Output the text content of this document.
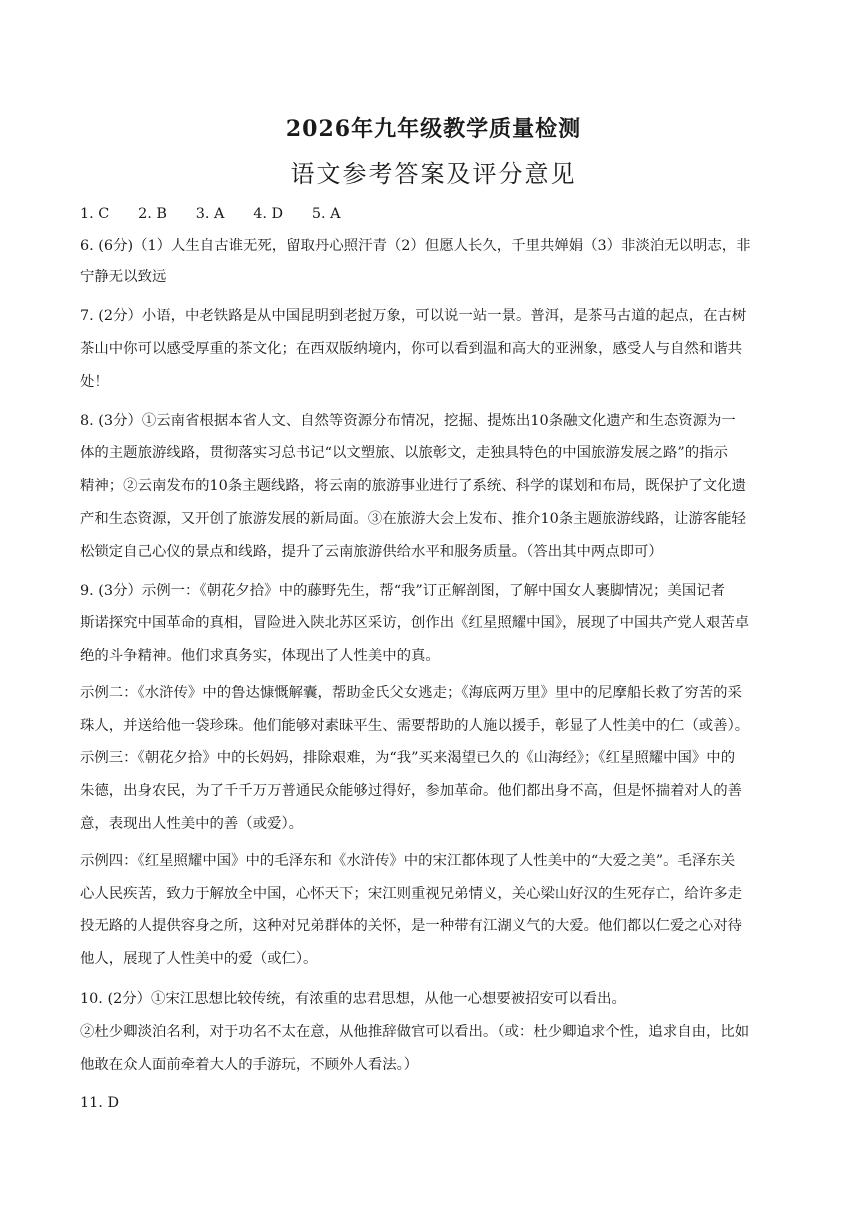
2026年九年级教学质量检测
语文参考答案及评分意见
1. C　　2. B　　3. A　　4. D　　5. A
6. (6分)（1）人生自古谁无死，留取丹心照汗青（2）但愿人长久，千里共婵娟（3）非淡泊无以明志，非
宁静无以致远
7. (2分）小语，中老铁路是从中国昆明到老挝万象，可以说一站一景。普洱，是茶马古道的起点，在古树
茶山中你可以感受厚重的茶文化；在西双版纳境内，你可以看到温和高大的亚洲象，感受人与自然和谐共
处！
8. (3分）①云南省根据本省人文、自然等资源分布情况，挖掘、提炼出10条融文化遗产和生态资源为一
体的主题旅游线路，贯彻落实习总书记“以文塑旅、以旅彰文，走独具特色的中国旅游发展之路”的指示
精神；②云南发布的10条主题线路，将云南的旅游事业进行了系统、科学的谋划和布局，既保护了文化遗
产和生态资源，又开创了旅游发展的新局面。③在旅游大会上发布、推介10条主题旅游线路，让游客能轻
松锁定自己心仪的景点和线路，提升了云南旅游供给水平和服务质量。（答出其中两点即可）
9. (3分）示例一：《朝花夕拾》中的藤野先生，帮“我”订正解剖图，了解中国女人裹脚情况；美国记者
斯诺探究中国革命的真相，冒险进入陕北苏区采访，创作出《红星照耀中国》，展现了中国共产党人艰苦卓
绝的斗争精神。他们求真务实，体现出了人性美中的真。
示例二：《水浒传》中的鲁达慷慨解囊，帮助金氏父女逃走；《海底两万里》里中的尼摩船长救了穷苦的采
珠人，并送给他一袋珍珠。他们能够对素昧平生、需要帮助的人施以援手，彰显了人性美中的仁（或善）。
示例三：《朝花夕拾》中的长妈妈，排除艰难，为“我”买来渴望已久的《山海经》；《红星照耀中国》中的
朱德，出身农民，为了千千万万普通民众能够过得好，参加革命。他们都出身不高，但是怀揣着对人的善
意，表现出人性美中的善（或爱）。
示例四：《红星照耀中国》中的毛泽东和《水浒传》中的宋江都体现了人性美中的“大爱之美”。毛泽东关
心人民疾苦，致力于解放全中国，心怀天下；宋江则重视兄弟情义，关心梁山好汉的生死存亡，给许多走
投无路的人提供容身之所，这种对兄弟群体的关怀，是一种带有江湖义气的大爱。他们都以仁爱之心对待
他人，展现了人性美中的爱（或仁）。
10. (2分）①宋江思想比较传统，有浓重的忠君思想，从他一心想要被招安可以看出。
②杜少卿淡泊名利，对于功名不太在意，从他推辞做官可以看出。（或：杜少卿追求个性，追求自由，比如
他敢在众人面前牵着大人的手游玩，不顾外人看法。）
11. D
